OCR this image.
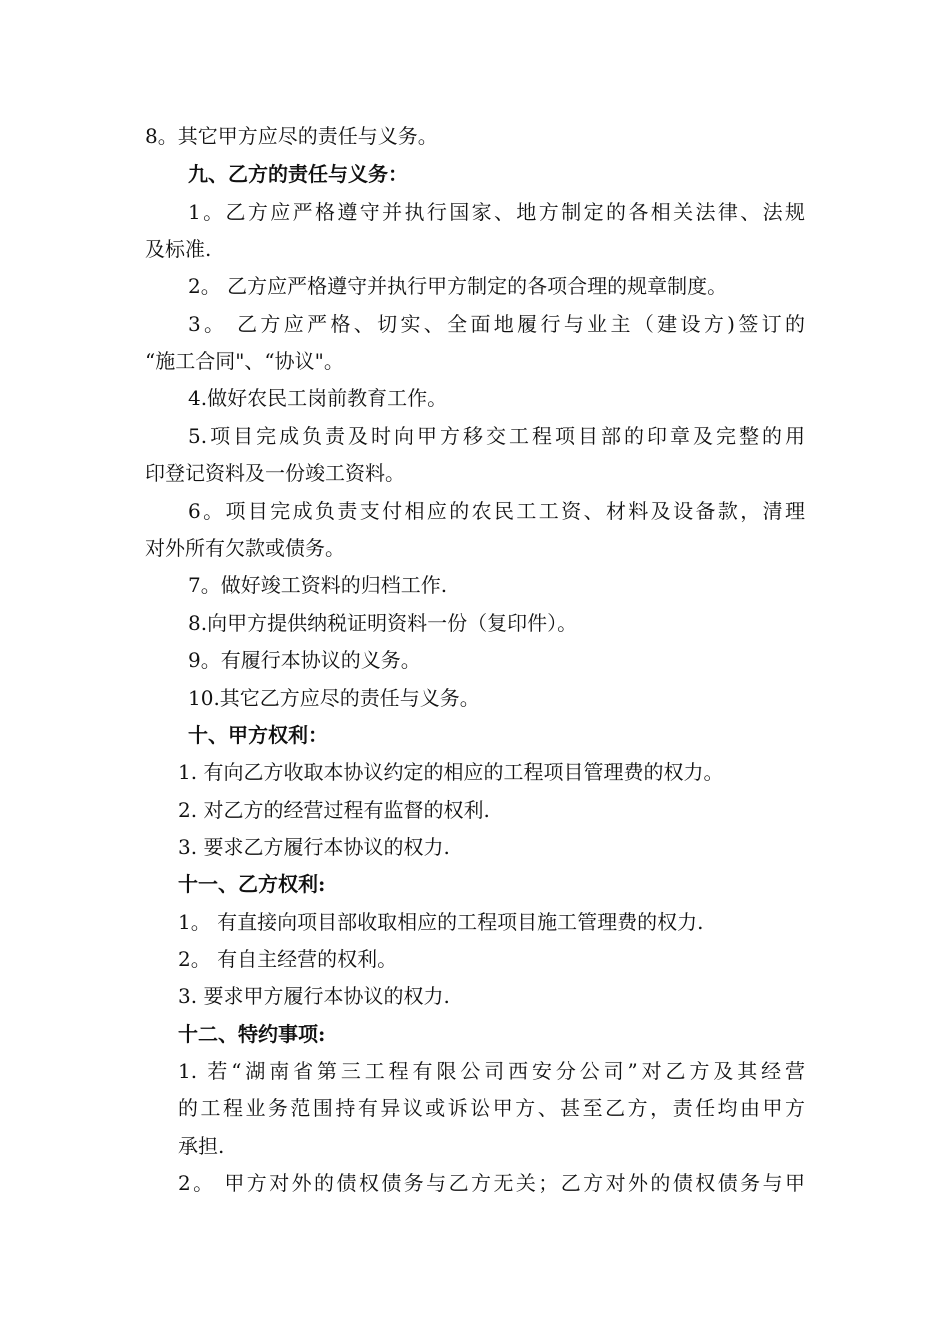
8。其它甲方应尽的责任与义务。
九、乙方的责任与义务：
1。乙方应严格遵守并执行国家、地方制定的各相关法律、法规
及标准.
2。 乙方应严格遵守并执行甲方制定的各项合理的规章制度。
3。 乙方应严格、切实、全面地履行与业主（建设方)签订的
“施工合同"、“协议"。
4.做好农民工岗前教育工作。
5.项目完成负责及时向甲方移交工程项目部的印章及完整的用
印登记资料及一份竣工资料。
6。项目完成负责支付相应的农民工工资、材料及设备款，清理
对外所有欠款或债务。
7。做好竣工资料的归档工作.
8.向甲方提供纳税证明资料一份（复印件）。
9。有履行本协议的义务。
10.其它乙方应尽的责任与义务。
十、甲方权利：
1. 有向乙方收取本协议约定的相应的工程项目管理费的权力。
2. 对乙方的经营过程有监督的权利.
3. 要求乙方履行本协议的权力.
十一、乙方权利:
1。 有直接向项目部收取相应的工程项目施工管理费的权力.
2。 有自主经营的权利。
3. 要求甲方履行本协议的权力.
十二、特约事项:
1. 若“湖南省第三工程有限公司西安分公司”对乙方及其经营
的工程业务范围持有异议或诉讼甲方、甚至乙方，责任均由甲方
承担.
2。 甲方对外的债权债务与乙方无关；乙方对外的债权债务与甲
